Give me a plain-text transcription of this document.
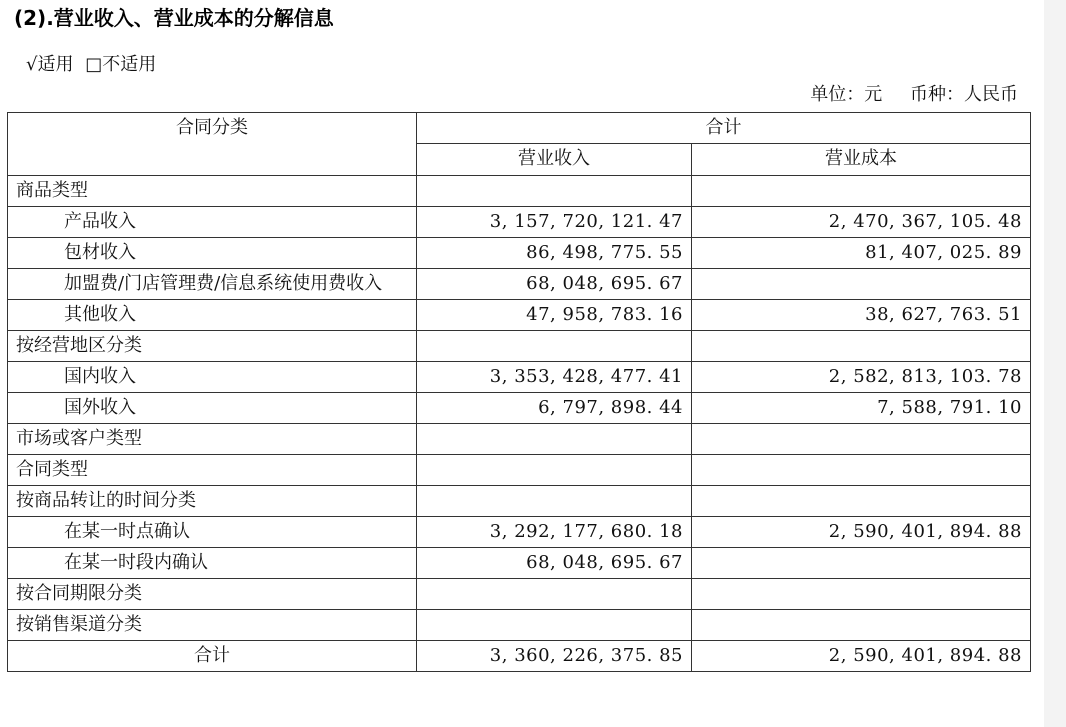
(2).营业收入、营业成本的分解信息
√适用 □不适用
单位：元 币种：人民币
合同分类	合计	
	营业收入	营业成本
商品类型		
产品收入	3, 157, 720, 121. 47	2, 470, 367, 105. 48
包材收入	86, 498, 775. 55	81, 407, 025. 89
加盟费/门店管理费/信息系统使用费收入	68, 048, 695. 67	
其他收入	47, 958, 783. 16	38, 627, 763. 51
按经营地区分类		
国内收入	3, 353, 428, 477. 41	2, 582, 813, 103. 78
国外收入	6, 797, 898. 44	7, 588, 791. 10
市场或客户类型		
合同类型		
按商品转让的时间分类		
在某一时点确认	3, 292, 177, 680. 18	2, 590, 401, 894. 88
在某一时段内确认	68, 048, 695. 67	
按合同期限分类		
按销售渠道分类		
合计	3, 360, 226, 375. 85	2, 590, 401, 894. 88
